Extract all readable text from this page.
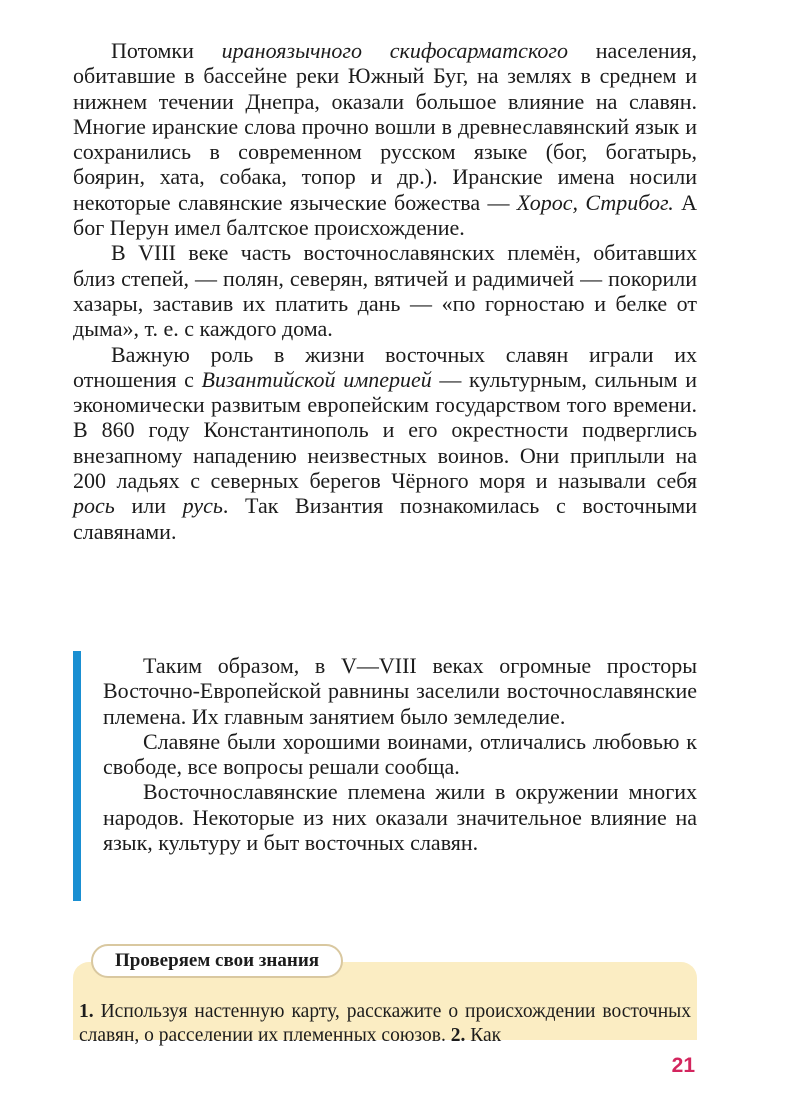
Потомки ираноязычного скифосарматского населения, обитавшие в бассейне реки Южный Буг, на землях в среднем и нижнем течении Днепра, оказали большое влияние на славян. Многие иранские слова прочно вошли в древнеславянский язык и сохранились в современном русском языке (бог, богатырь, боярин, хата, собака, топор и др.). Иранские имена носили некоторые славянские языческие божества — Хорос, Стрибог. А бог Перун имел балтское происхождение.

В VIII веке часть восточнославянских племён, обитавших близ степей, — полян, северян, вятичей и радимичей — покорили хазары, заставив их платить дань — «по горностаю и белке от дыма», т. е. с каждого дома.

Важную роль в жизни восточных славян играли их отношения с Византийской империей — культурным, сильным и экономически развитым европейским государством того времени. В 860 году Константинополь и его окрестности подверглись внезапному нападению неизвестных воинов. Они приплыли на 200 ладьях с северных берегов Чёрного моря и называли себя рось или русь. Так Византия познакомилась с восточными славянами.

Таким образом, в V—VIII веках огромные просторы Восточно-Европейской равнины заселили восточнославянские племена. Их главным занятием было земледелие.

Славяне были хорошими воинами, отличались любовью к свободе, все вопросы решали сообща.

Восточнославянские племена жили в окружении многих народов. Некоторые из них оказали значительное влияние на язык, культуру и быт восточных славян.

1. Используя настенную карту, расскажите о происхождении восточных славян, о расселении их племенных союзов. 2. Как

Проверяем свои знания
21
